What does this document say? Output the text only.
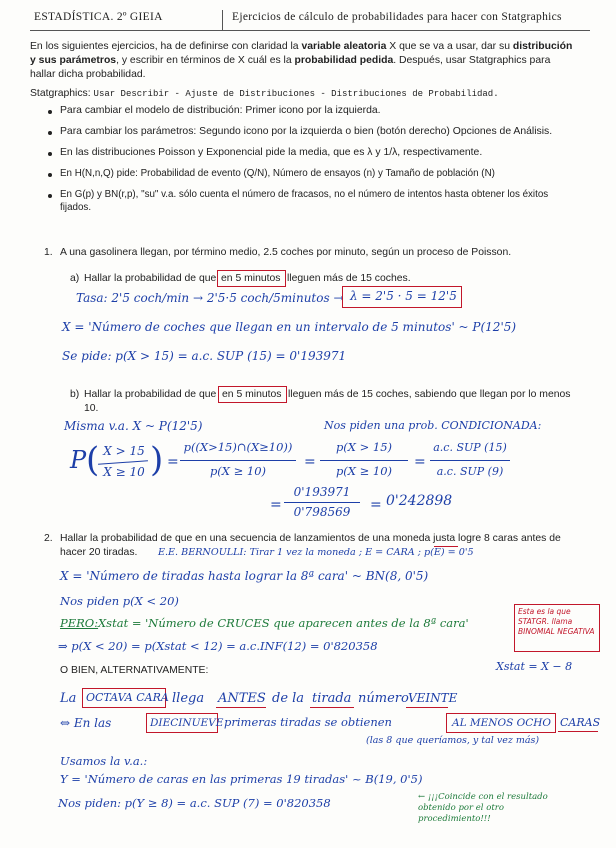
ESTADÍSTICA. 2º GIEIA	Ejercicios de cálculo de probabilidades para hacer con Statgraphics
En los siguientes ejercicios, ha de definirse con claridad la variable aleatoria X que se va a usar, dar su distribución
y sus parámetros, y escribir en términos de X cuál es la probabilidad pedida. Después, usar Statgraphics para
hallar dicha probabilidad.
Statgraphics: Usar Describir - Ajuste de Distribuciones - Distribuciones de Probabilidad.
Para cambiar el modelo de distribución: Primer icono por la izquierda.
Para cambiar los parámetros: Segundo icono por la izquierda o bien (botón derecho) Opciones de Análisis.
En las distribuciones Poisson y Exponencial pide la media, que es λ y 1/λ, respectivamente.
En H(N,n,Q) pide: Probabilidad de evento (Q/N), Número de ensayos (n) y Tamaño de población (N)
En G(p) y BN(r,p), "su" v.a. sólo cuenta el número de fracasos, no el número de intentos hasta obtener los éxitos
fijados.
1. A una gasolinera llegan, por término medio, 2.5 coches por minuto, según un proceso de Poisson.
a) Hallar la probabilidad de que en 5 minutos lleguen más de 15 coches.
Tasa: 2'5 coch/min → 2'5·5 coch/5minutos → λ = 2'5 · 5 = 12'5
X = 'Número de coches que llegan en un intervalo de 5 minutos' ~ P(12'5)
Se pide: p(X > 15) = a.c. SUP (15) = 0'193971
b) Hallar la probabilidad de que en 5 minutos lleguen más de 15 coches, sabiendo que llegan por lo menos
10.
Misma v.a. X ~ P(12'5)	Nos piden una prob. CONDICIONADA:
P ( X > 15
X ≥ 10 ) =
p((X>15)∩(X≥10))
p(X ≥ 10)
=
p(X > 15)
p(X ≥ 10)
=
a.c. SUP (15)
a.c. SUP (9)
=
0'193971
0'798569	= 0'242898
2. Hallar la probabilidad de que en una secuencia de lanzamientos de una moneda justa logre 8 caras antes de
hacer 20 tiradas. E.E. BERNOULLI: Tirar 1 vez la moneda ; E = CARA ; p(E) = 0'5
X = 'Número de tiradas hasta lograr la 8ª cara' ~ BN(8, 0'5)
Nos piden p(X < 20)
PERO: Xstat = 'Número de CRUCES que aparecen antes de la 8ª cara'
⇒ p(X < 20) = p(Xstat < 12) = a.c.INF(12) = 0'820358
Esta es la que STATGR. llama BINOMIAL NEGATIVA
Xstat = X − 8
O BIEN, ALTERNATIVAMENTE:
La OCTAVA CARA llega ANTES de la tirada número VEINTE
⇔ En las	DIECINUEVE primeras tiradas se obtienen	AL MENOS OCHO CARAS
(las 8 que queríamos, y tal vez más)
Usamos la v.a.:
Y = 'Número de caras en las primeras 19 tiradas' ~ B(19, 0'5)
Nos piden: p(Y ≥ 8) = a.c. SUP (7) = 0'820358	← ¡¡¡Coincide con el resultado obtenido por el otro procedimiento!!!
